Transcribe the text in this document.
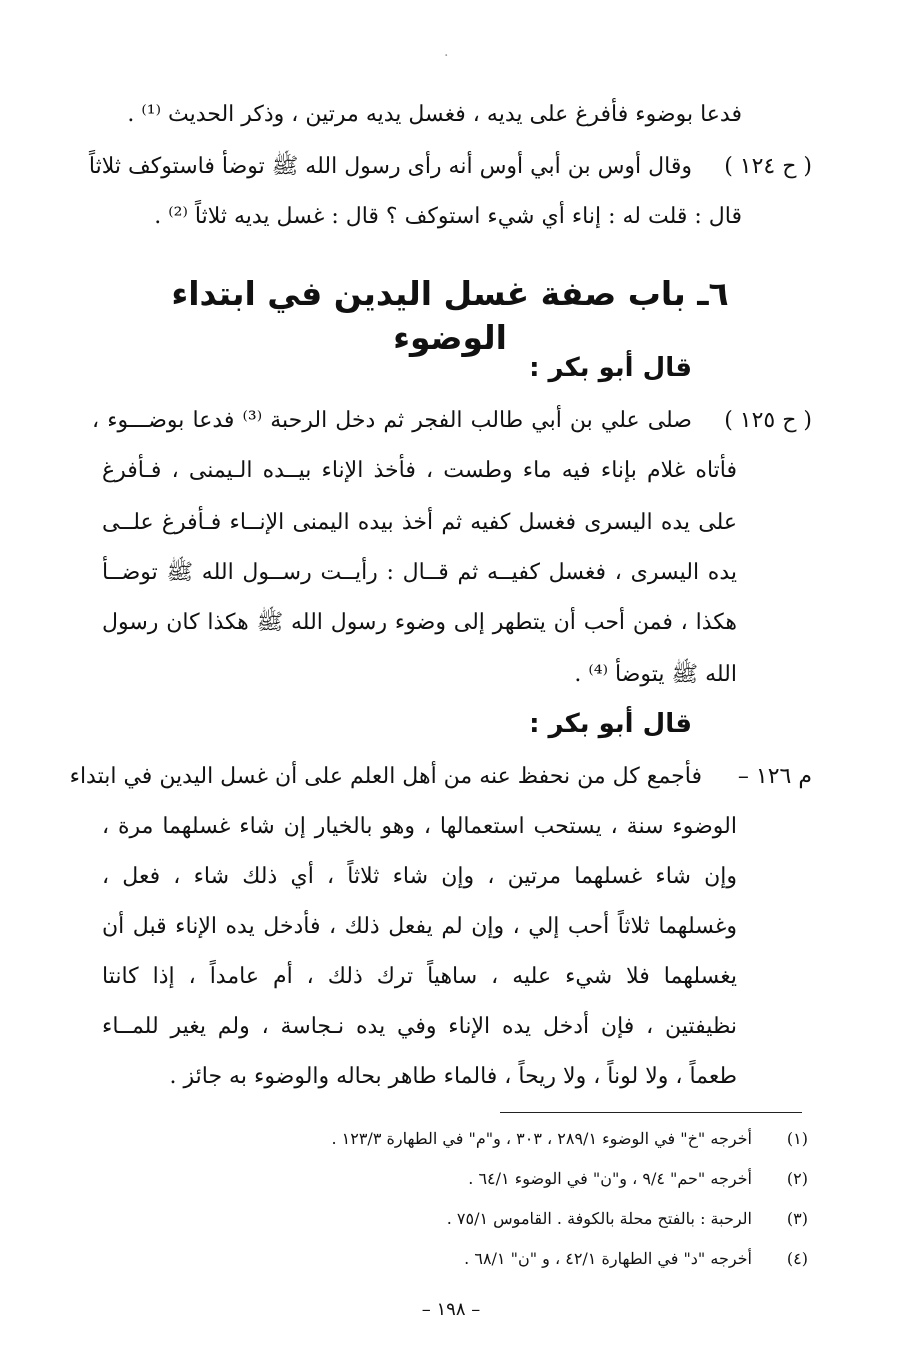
.
فدعا بوضوء فأفرغ على يديه ، فغسل يديه مرتين ، وذكر الحديث ⁽¹⁾ .
( ح ١٢٤ )
وقال أوس بن أبي أوس أنه رأى رسول الله ﷺ توضأ فاستوكف ثلاثاً
قال : قلت له : إناء أي شيء استوكف ؟ قال : غسل يديه ثلاثاً ⁽²⁾ .
٦ـ باب صفة غسل اليدين في ابتداء الوضوء
قال أبو بكر :
( ح ١٢٥ )
صلى علي بن أبي طالب الفجر ثم دخل الرحبة ⁽³⁾ فدعا بوضـــوء ،
فأتاه غلام بإناء فيه ماء وطست ، فأخذ الإناء بيــده الـيمنى ، فـأفرغ
على يده اليسرى فغسل كفيه ثم أخذ بيده اليمنى الإنــاء فـأفرغ علــى
يده اليسرى ، فغسل كفيــه ثم قــال : رأيــت رســول الله ﷺ توضــأ
هكذا ، فمن أحب أن يتطهر إلى وضوء رسول الله ﷺ هكذا كان رسول
الله ﷺ يتوضأ ⁽⁴⁾ .
قال أبو بكر :
م ١٢٦ –
فأجمع كل من نحفظ عنه من أهل العلم على أن غسل اليدين في ابتداء
الوضوء سنة ، يستحب استعمالها ، وهو بالخيار إن شاء غسلهما مرة ،
وإن شاء غسلهما مرتين ، وإن شاء ثلاثاً ، أي ذلك شاء ، فعل ،
وغسلهما ثلاثاً أحب إلي ، وإن لم يفعل ذلك ، فأدخل يده الإناء قبل أن
يغسلهما فلا شيء عليه ، ساهياً ترك ذلك ، أم عامداً ، إذا كانتا
نظيفتين ، فإن أدخل يده الإناء وفي يده نـجاسة ، ولم يغير للمــاء
طعماً ، ولا لوناً ، ولا ريحاً ، فالماء طاهر بحاله والوضوء به جائز .
(١)
أخرجه "خ" في الوضوء ٢٨٩/١ ، ٣٠٣ ، و"م" في الطهارة ١٢٣/٣ .
(٢)
أخرجه "حم" ٩/٤ ، و"ن" في الوضوء ٦٤/١ .
(٣)
الرحبة : بالفتح محلة بالكوفة . القاموس ٧٥/١ .
(٤)
أخرجه "د" في الطهارة ٤٢/١ ، و "ن" ٦٨/١ .
– ١٩٨ –
